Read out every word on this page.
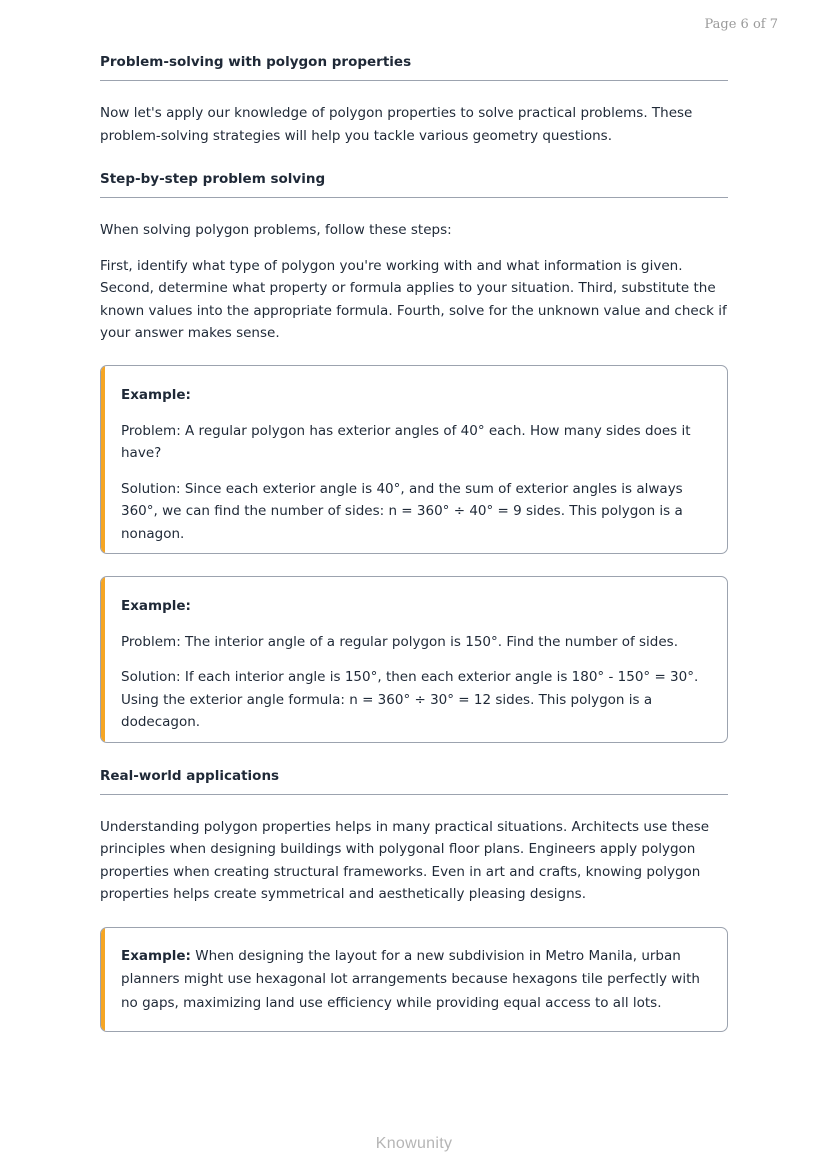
Page 6 of 7
Problem-solving with polygon properties

Now let's apply our knowledge of polygon properties to solve practical problems. These problem-solving strategies will help you tackle various geometry questions.

Step-by-step problem solving

When solving polygon problems, follow these steps:

First, identify what type of polygon you're working with and what information is given. Second, determine what property or formula applies to your situation. Third, substitute the known values into the appropriate formula. Fourth, solve for the unknown value and check if your answer makes sense.

Example:

Problem: A regular polygon has exterior angles of 40° each. How many sides does it have?

Solution: Since each exterior angle is 40°, and the sum of exterior angles is always 360°, we can find the number of sides: n = 360° ÷ 40° = 9 sides. This polygon is a nonagon.

Example:

Problem: The interior angle of a regular polygon is 150°. Find the number of sides.

Solution: If each interior angle is 150°, then each exterior angle is 180° - 150° = 30°. Using the exterior angle formula: n = 360° ÷ 30° = 12 sides. This polygon is a dodecagon.

Real-world applications

Understanding polygon properties helps in many practical situations. Architects use these principles when designing buildings with polygonal floor plans. Engineers apply polygon properties when creating structural frameworks. Even in art and crafts, knowing polygon properties helps create symmetrical and aesthetically pleasing designs.

Example: When designing the layout for a new subdivision in Metro Manila, urban planners might use hexagonal lot arrangements because hexagons tile perfectly with no gaps, maximizing land use efficiency while providing equal access to all lots.

Knowunity
